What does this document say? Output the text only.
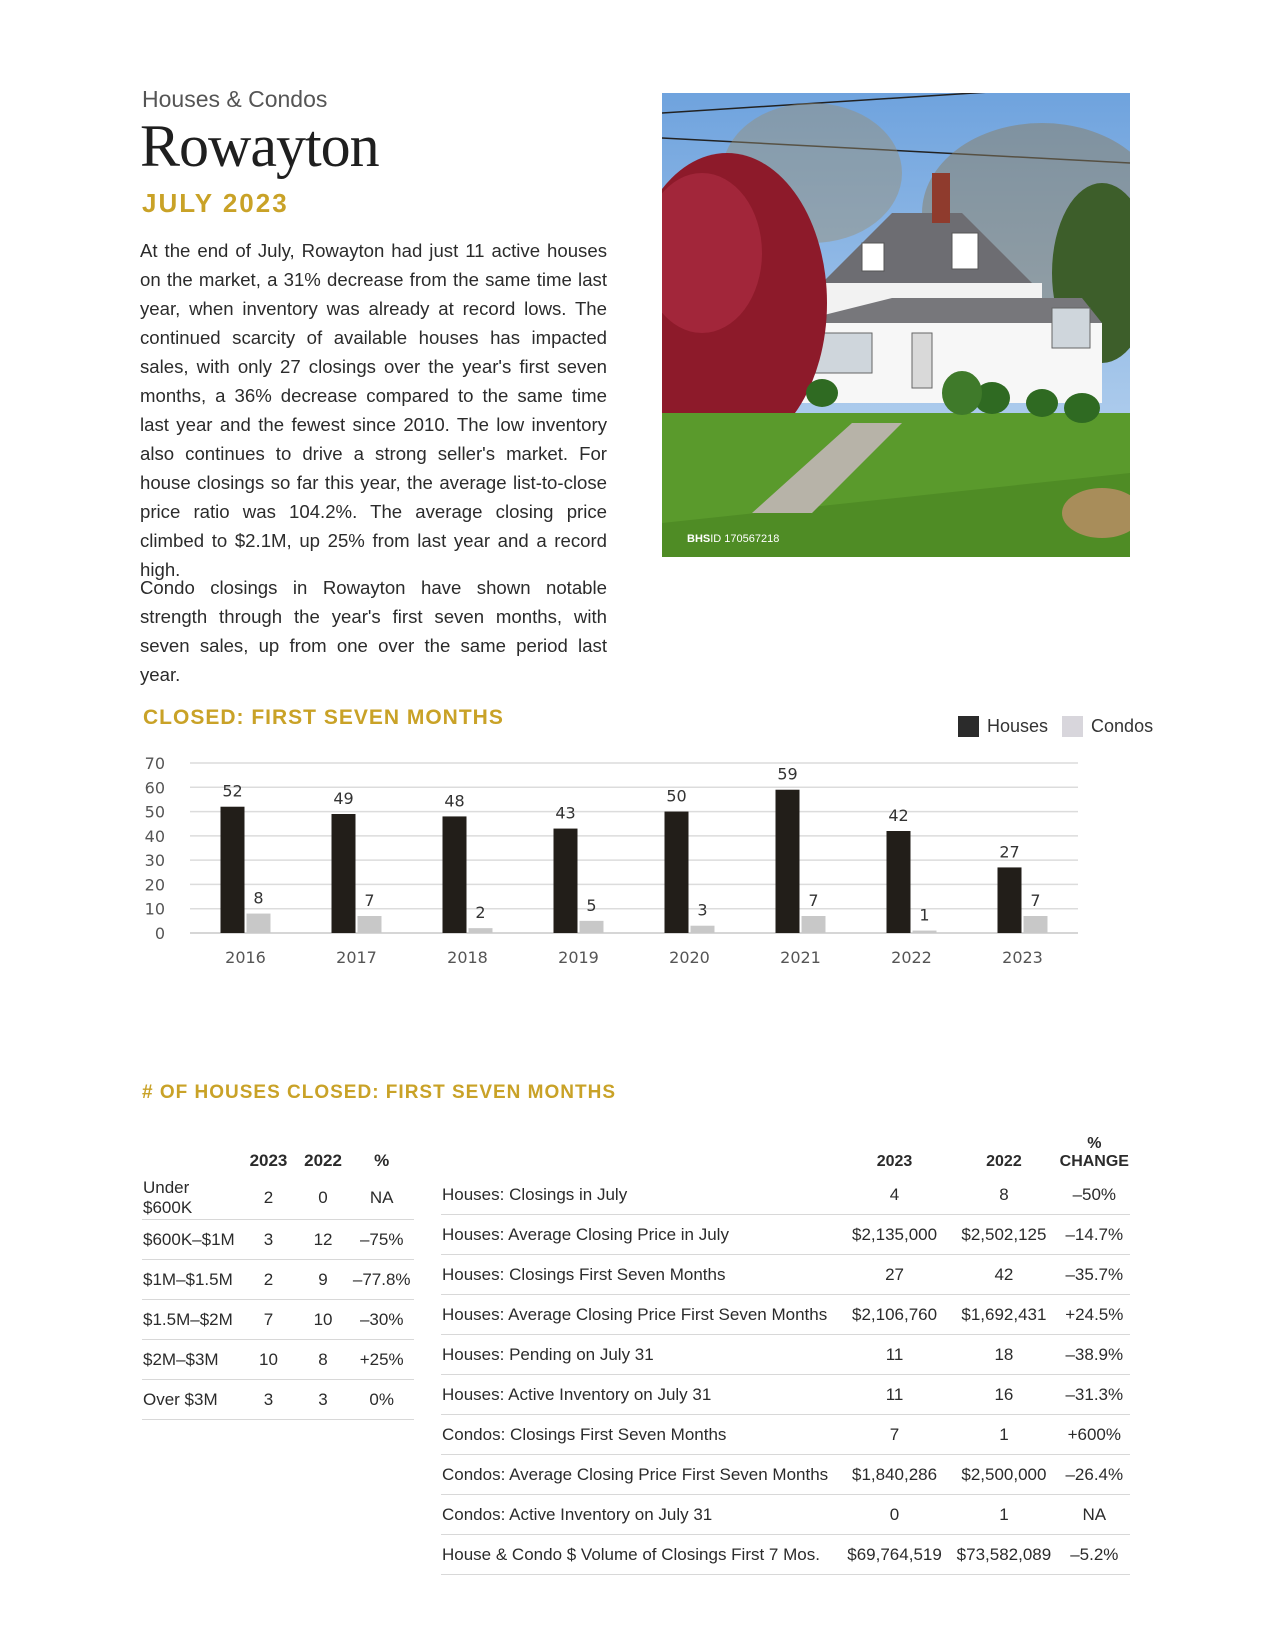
Houses & Condos
Rowayton
JULY 2023
At the end of July, Rowayton had just 11 active houses on the market, a 31% decrease from the same time last year, when inventory was already at record lows. The continued scarcity of available houses has impacted sales, with only 27 closings over the year's first seven months, a 36% decrease compared to the same time last year and the fewest since 2010. The low inventory also continues to drive a strong seller's market. For house closings so far this year, the average list-to-close price ratio was 104.2%. The average closing price climbed to $2.1M, up 25% from last year and a record high.
Condo closings in Rowayton have shown notable strength through the year's first seven months, with seven sales, up from one over the same period last year.
BHSID 170567218
CLOSED: FIRST SEVEN MONTHS	Houses Condos
0
10
20
30
40
50
60
70
52
8
2016
49
7
2017
48
2
2018
43
5
2019
50
3
2020
59
7
2021
42
1
2022
27
7
2023
# OF HOUSES CLOSED: FIRST SEVEN MONTHS
	2023	2022	%
Under $600K	2	0	NA
$600K–$1M	3	12	–75%
$1M–$1.5M	2	9	–77.8%
$1.5M–$2M	7	10	–30%
$2M–$3M	10	8	+25%
Over $3M	3	3	0%
	2023	2022	%
CHANGE
Houses: Closings in July	4	8	–50%
Houses: Average Closing Price in July	$2,135,000	$2,502,125	–14.7%
Houses: Closings First Seven Months	27	42	–35.7%
Houses: Average Closing Price First Seven Months	$2,106,760	$1,692,431	+24.5%
Houses: Pending on July 31	11	18	–38.9%
Houses: Active Inventory on July 31	11	16	–31.3%
Condos: Closings First Seven Months	7	1	+600%
Condos: Average Closing Price First Seven Months	$1,840,286	$2,500,000	–26.4%
Condos: Active Inventory on July 31	0	1	NA
House & Condo $ Volume of Closings First 7 Mos.	$69,764,519	$73,582,089	–5.2%
